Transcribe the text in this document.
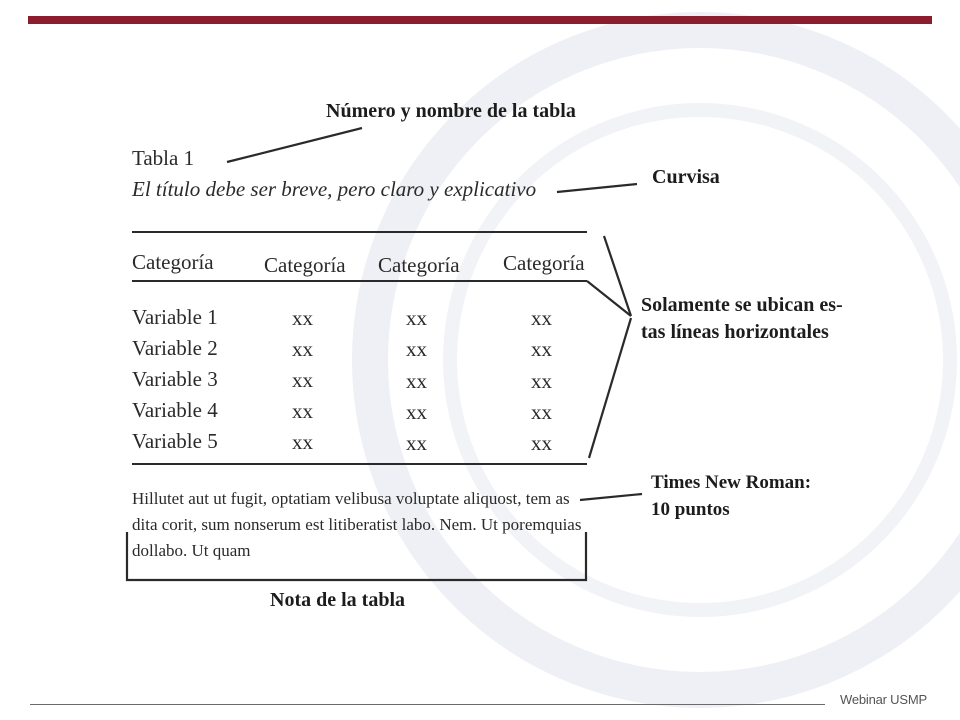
Número y nombre de la tabla
Curvisa
Solamente se ubican es-
tas líneas horizontales
Times New Roman:
10 puntos
Nota de la tabla
Tabla 1
El título debe ser breve, pero claro y explicativo
Categoría Categoría Categoría Categoría
Variable 1	xx	xx	xx
Variable 2	xx	xx	xx
Variable 3	xx	xx	xx
Variable 4	xx	xx	xx
Variable 5	xx	xx	xx
Hillutet aut ut fugit, optatiam velibusa voluptate aliquost, tem as dita corit, sum nonserum est litiberatist labo. Nem. Ut poremquias dollabo. Ut quam
Webinar USMP
